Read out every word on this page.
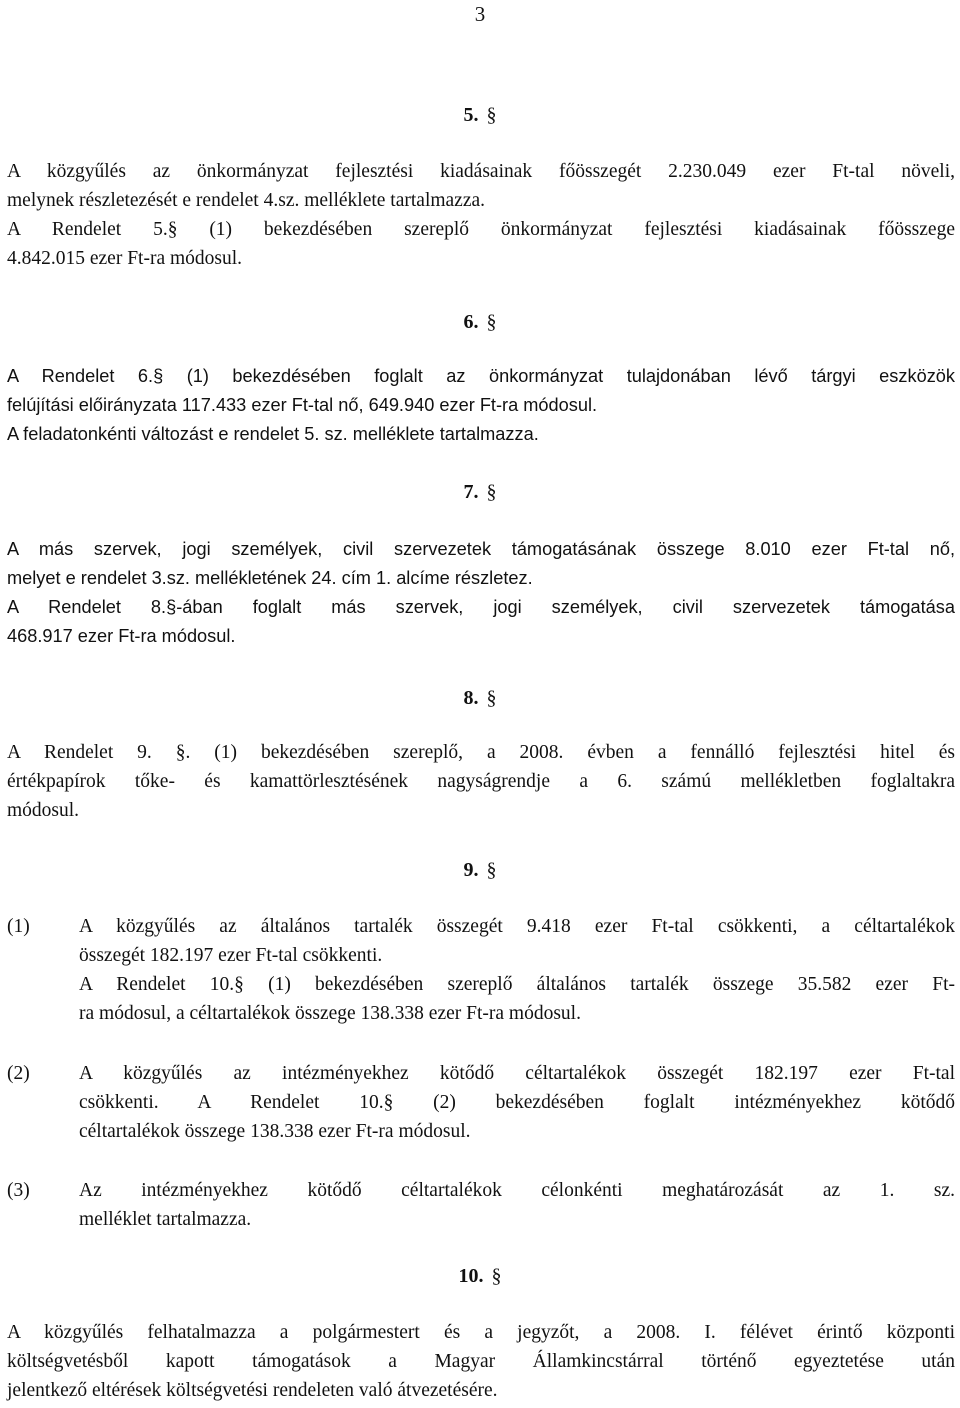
3
5. §
A közgyűlés az önkormányzat fejlesztési kiadásainak főösszegét 2.230.049 ezer Ft-tal növeli,
melynek részletezését e rendelet 4.sz. melléklete tartalmazza.
A Rendelet 5.§ (1) bekezdésében szereplő önkormányzat fejlesztési kiadásainak főösszege
4.842.015 ezer Ft-ra módosul.
6. §
A Rendelet 6.§ (1) bekezdésében foglalt az önkormányzat tulajdonában lévő tárgyi eszközök
felújítási előirányzata 117.433 ezer Ft-tal nő, 649.940 ezer Ft-ra módosul.
A feladatonkénti változást e rendelet 5. sz. melléklete tartalmazza.
7. §
A más szervek, jogi személyek, civil szervezetek támogatásának összege 8.010 ezer Ft-tal nő,
melyet e rendelet 3.sz. mellékletének 24. cím 1. alcíme részletez.
A Rendelet 8.§-ában foglalt más szervek, jogi személyek, civil szervezetek támogatása
468.917 ezer Ft-ra módosul.
8. §
A Rendelet 9. §. (1) bekezdésében szereplő, a 2008. évben a fennálló fejlesztési hitel és
értékpapírok tőke- és kamattörlesztésének nagyságrendje a 6. számú mellékletben foglaltakra
módosul.
9. §
(1)	A közgyűlés az általános tartalék összegét 9.418 ezer Ft-tal csökkenti, a céltartalékok
összegét 182.197 ezer Ft-tal csökkenti.
A Rendelet 10.§ (1) bekezdésében szereplő általános tartalék összege 35.582 ezer Ft-
ra módosul, a céltartalékok összege 138.338 ezer Ft-ra módosul.
(2)	A közgyűlés az intézményekhez kötődő céltartalékok összegét 182.197 ezer Ft-tal
csökkenti. A Rendelet 10.§ (2) bekezdésében foglalt intézményekhez kötődő
céltartalékok összege 138.338 ezer Ft-ra módosul.
(3)	Az intézményekhez kötődő céltartalékok célonkénti meghatározását az 1. sz.
melléklet tartalmazza.
10. §
A közgyűlés felhatalmazza a polgármestert és a jegyzőt, a 2008. I. félévet érintő központi
költségvetésből kapott támogatások a Magyar Államkincstárral történő egyeztetése után
jelentkező eltérések költségvetési rendeleten való átvezetésére.
